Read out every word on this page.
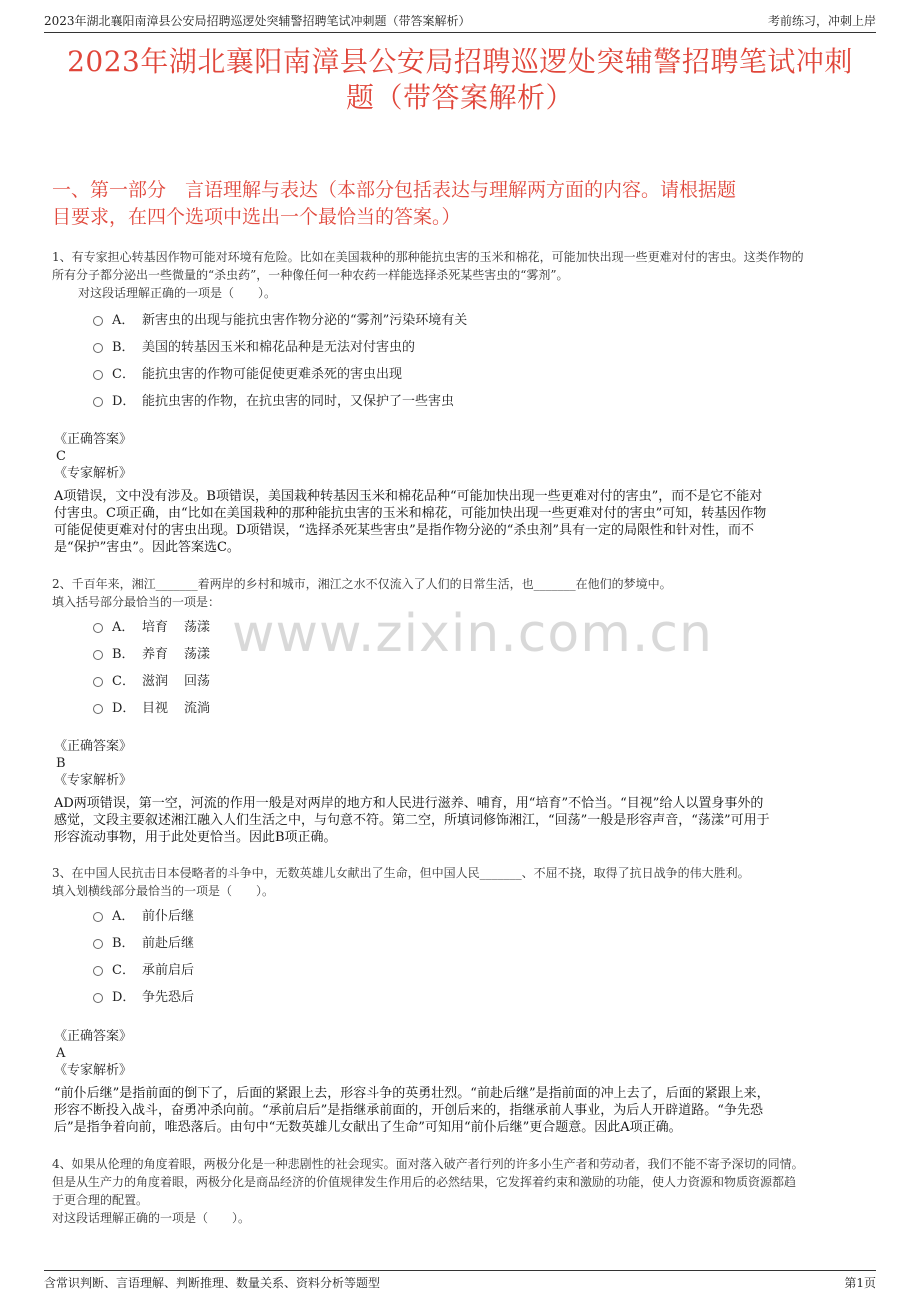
2023年湖北襄阳南漳县公安局招聘巡逻处突辅警招聘笔试冲刺题（带答案解析）	考前练习，冲刺上岸
2023年湖北襄阳南漳县公安局招聘巡逻处突辅警招聘笔试冲刺
题（带答案解析）
一、第一部分　言语理解与表达（本部分包括表达与理解两方面的内容。请根据题
目要求，在四个选项中选出一个最恰当的答案。）
1、有专家担心转基因作物可能对环境有危险。比如在美国栽种的那种能抗虫害的玉米和棉花，可能加快出现一些更难对付的害虫。这类作物的
所有分子都分泌出一些微量的“杀虫药”，一种像任何一种农药一样能选择杀死某些害虫的“雾剂”。
对这段话理解正确的一项是（　　）。
A． 新害虫的出现与能抗虫害作物分泌的“雾剂”污染环境有关
B． 美国的转基因玉米和棉花品种是无法对付害虫的
C． 能抗虫害的作物可能促使更难杀死的害虫出现
D． 能抗虫害的作物，在抗虫害的同时，又保护了一些害虫
《正确答案》
C
《专家解析》
A项错误，文中没有涉及。B项错误，美国栽种转基因玉米和棉花品种“可能加快出现一些更难对付的害虫”，而不是它不能对
付害虫。C项正确，由“比如在美国栽种的那种能抗虫害的玉米和棉花，可能加快出现一些更难对付的害虫”可知，转基因作物
可能促使更难对付的害虫出现。D项错误，“选择杀死某些害虫”是指作物分泌的“杀虫剂”具有一定的局限性和针对性，而不
是“保护”害虫”。因此答案选C。
2、千百年来，湘江_______着两岸的乡村和城市，湘江之水不仅流入了人们的日常生活，也_______在他们的梦境中。
填入括号部分最恰当的一项是：
A． 培育 荡漾
B． 养育 荡漾
C． 滋润 回荡
D． 目视 流淌
《正确答案》
B
《专家解析》
AD两项错误，第一空，河流的作用一般是对两岸的地方和人民进行滋养、哺育，用“培育”不恰当。“目视”给人以置身事外的
感觉，文段主要叙述湘江融入人们生活之中，与句意不符。第二空，所填词修饰湘江，“回荡”一般是形容声音，“荡漾”可用于
形容流动事物，用于此处更恰当。因此B项正确。
3、在中国人民抗击日本侵略者的斗争中，无数英雄儿女献出了生命，但中国人民_______、不屈不挠，取得了抗日战争的伟大胜利。
填入划横线部分最恰当的一项是（　　）。
A． 前仆后继
B． 前赴后继
C． 承前启后
D． 争先恐后
《正确答案》
A
《专家解析》
“前仆后继”是指前面的倒下了，后面的紧跟上去，形容斗争的英勇壮烈。“前赴后继”是指前面的冲上去了，后面的紧跟上来，
形容不断投入战斗，奋勇冲杀向前。“承前启后”是指继承前面的，开创后来的，指继承前人事业，为后人开辟道路。“争先恐
后”是指争着向前，唯恐落后。由句中“无数英雄儿女献出了生命”可知用“前仆后继”更合题意。因此A项正确。
4、如果从伦理的角度着眼，两极分化是一种悲剧性的社会现实。面对落入破产者行列的许多小生产者和劳动者，我们不能不寄予深切的同情。
但是从生产力的角度着眼，两极分化是商品经济的价值规律发生作用后的必然结果，它发挥着约束和激励的功能，使人力资源和物质资源都趋
于更合理的配置。
对这段话理解正确的一项是（　　）。
www.zixin.com.cn
含常识判断、言语理解、判断推理、数量关系、资料分析等题型	第1页
